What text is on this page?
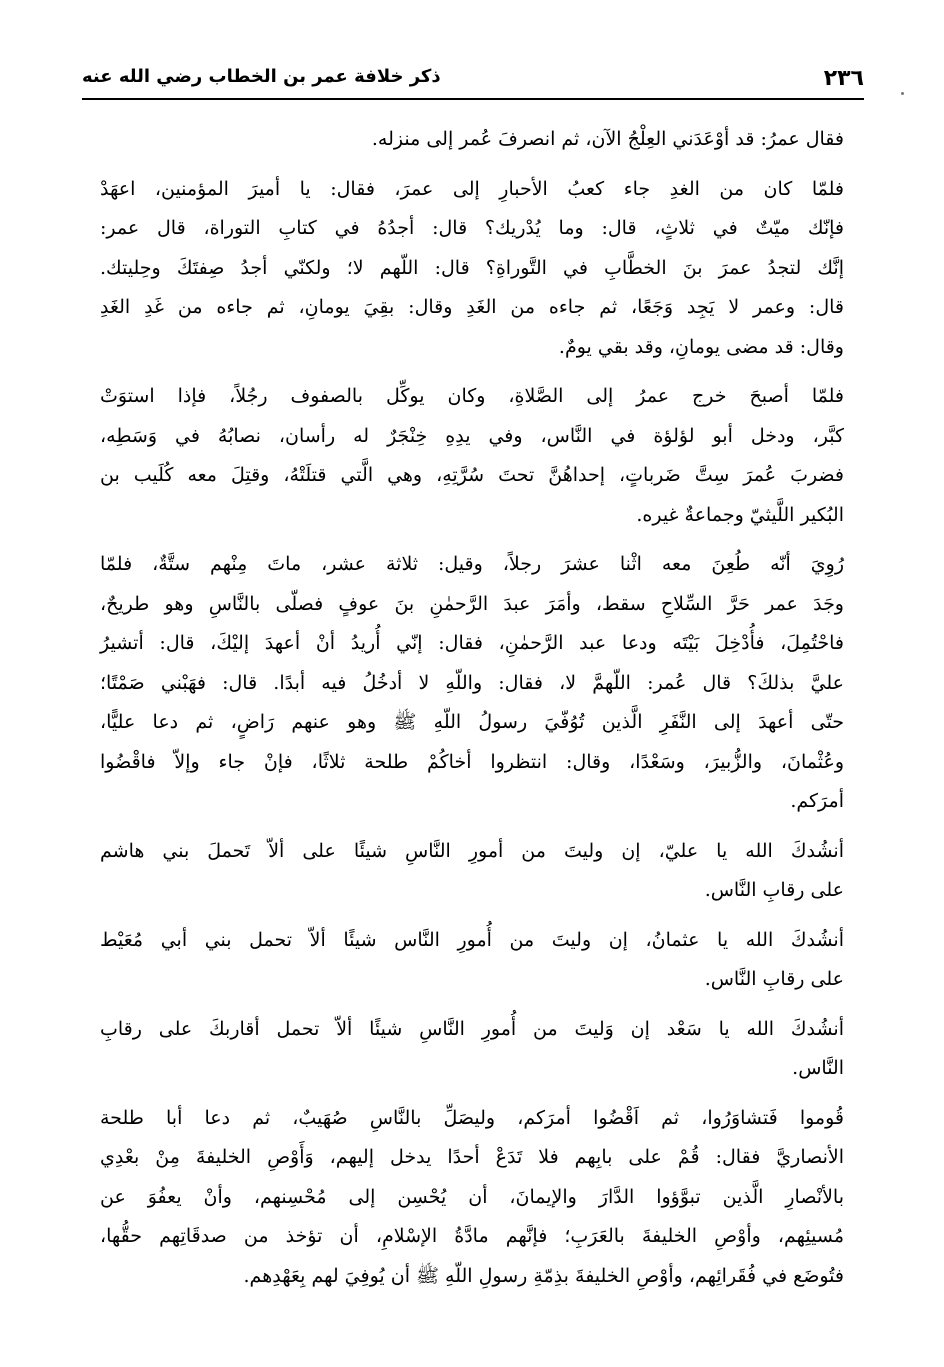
٢٣٦
ذكر خلافة عمر بن الخطاب رضي الله عنه
فقال عمرُ: قد أوْعَدَني العِلْجُ الآن، ثم انصرفَ عُمر إلى منزله.
فلمّا كان من الغدِ جاء كعبُ الأحبارِ إلى عمرَ، فقال: يا أميرَ المؤمنين، اعهَدْ
فإنّك ميّتٌ في ثلاثٍ، قال: وما يُدْريك؟ قال: أجدُهُ في كتابِ التوراة، قال عمر:
إنَّك لتجدُ عمرَ بنَ الخطَّابِ في التَّوراةِ؟ قال: اللّهم لا؛ ولكنّي أجدُ صِفتَكَ وحِليتك.
قال: وعمر لا يَجِد وَجَعًا، ثم جاءه من الغَدِ وقال: بقِيَ يومانِ، ثم جاءه من غَدِ الغَدِ
وقال: قد مضى يومانِ، وقد بقي يومٌ.
فلمّا أصبحَ خرج عمرُ إلى الصَّلاةِ، وكان يوكِّل بالصفوف رجُلاً، فإذا استوَتْ
كبَّر، ودخل أبو لؤلؤة في النَّاس، وفي يدِهِ خِنْجَرٌ له رأسان، نصابُهُ في وَسَطِه،
فضربَ عُمرَ سِتَّ ضَرباتٍ، إحداهُنَّ تحتَ سُرَّتِهِ، وهي الَّتي قتلَتْهُ، وقتِلَ معه كُلَيب بن
البُكير اللَّيثيّ وجماعةٌ غيره.
رُوِيَ أنّه طُعِنَ معه اثْنا عشرَ رجلاً، وقيل: ثلاثة عشر، ماتَ مِنْهم ستَّةٌ، فلمّا
وجَدَ عمر حَرَّ السِّلاحِ سقط، وأمَرَ عبدَ الرَّحمٰنِ بنَ عوفٍ فصلّى بالنَّاسِ وهو طريحٌ،
فاحْتُمِلَ، فأُدْخِلَ بَيْتَه ودعا عبد الرَّحمٰنِ، فقال: إنّي أُريدُ أنْ أعهدَ إليْكَ، قال: أتشيرُ
عليَّ بذلكَ؟ قال عُمر: اللّهمَّ لا، فقال: واللّهِ لا أدخُلُ فيه أبدًا. قال: فهَبْني صَمْتًا؛
حتّى أعهدَ إلى النَّفَرِ الَّذين تُوُفّيَ رسولُ اللّهِ ﷺ وهو عنهم رَاضٍ، ثم دعا عليًّا،
وعُثْمانَ، والزُّبيرَ، وسَعْدًا، وقال: انتظروا أخاكُمْ طلحة ثلاثًا، فإنْ جاء وإلاّ فاقْضُوا
أمرَكم.
أنشُدكَ الله يا عليّ، إن وليتَ من أمورِ النَّاسِ شيئًا على ألاّ تَحملَ بني هاشم
على رقابِ النَّاس.
أنشُدكَ الله يا عثمانُ، إن وليتَ من أُمورِ النَّاس شيئًا ألاّ تحمل بني أبي مُعَيْط
على رقابِ النَّاس.
أنشُدكَ الله يا سَعْد إن وَليتَ من أُمورِ النَّاسِ شيئًا ألاّ تحمل أقاربكَ على رقابِ
النَّاس.
قُوموا فَتشاوَرُوا، ثم اَقْضُوا أمرَكم، وليصَلِّ بالنَّاسِ صُهَيبٌ، ثم دعا أبا طلحة
الأنصاريَّ فقال: قُمْ على بابِهم فلا تَدَعْ أحدًا يدخل إليهم، وَأَوْصِ الخليفةَ مِنْ بعْدِي
بالأنْصارِ الَّذين تبوَّؤوا الدَّارَ والإيمانَ، أن يُحْسِن إلى مُحْسِنهم، وأنْ يعفُوَ عن
مُسيئِهم، وأوْصِ الخليفةَ بالعَرَبِ؛ فإنَّهم مادَّةُ الإسْلامِ، أن تؤخذ من صدقَاتِهم حقُّها،
فتُوضَع في فُقَرائِهم، وأوْصِ الخليفةَ بذِمّةِ رسولِ اللّهِ ﷺ أن يُوفِيَ لهم بِعَهْدِهم.
